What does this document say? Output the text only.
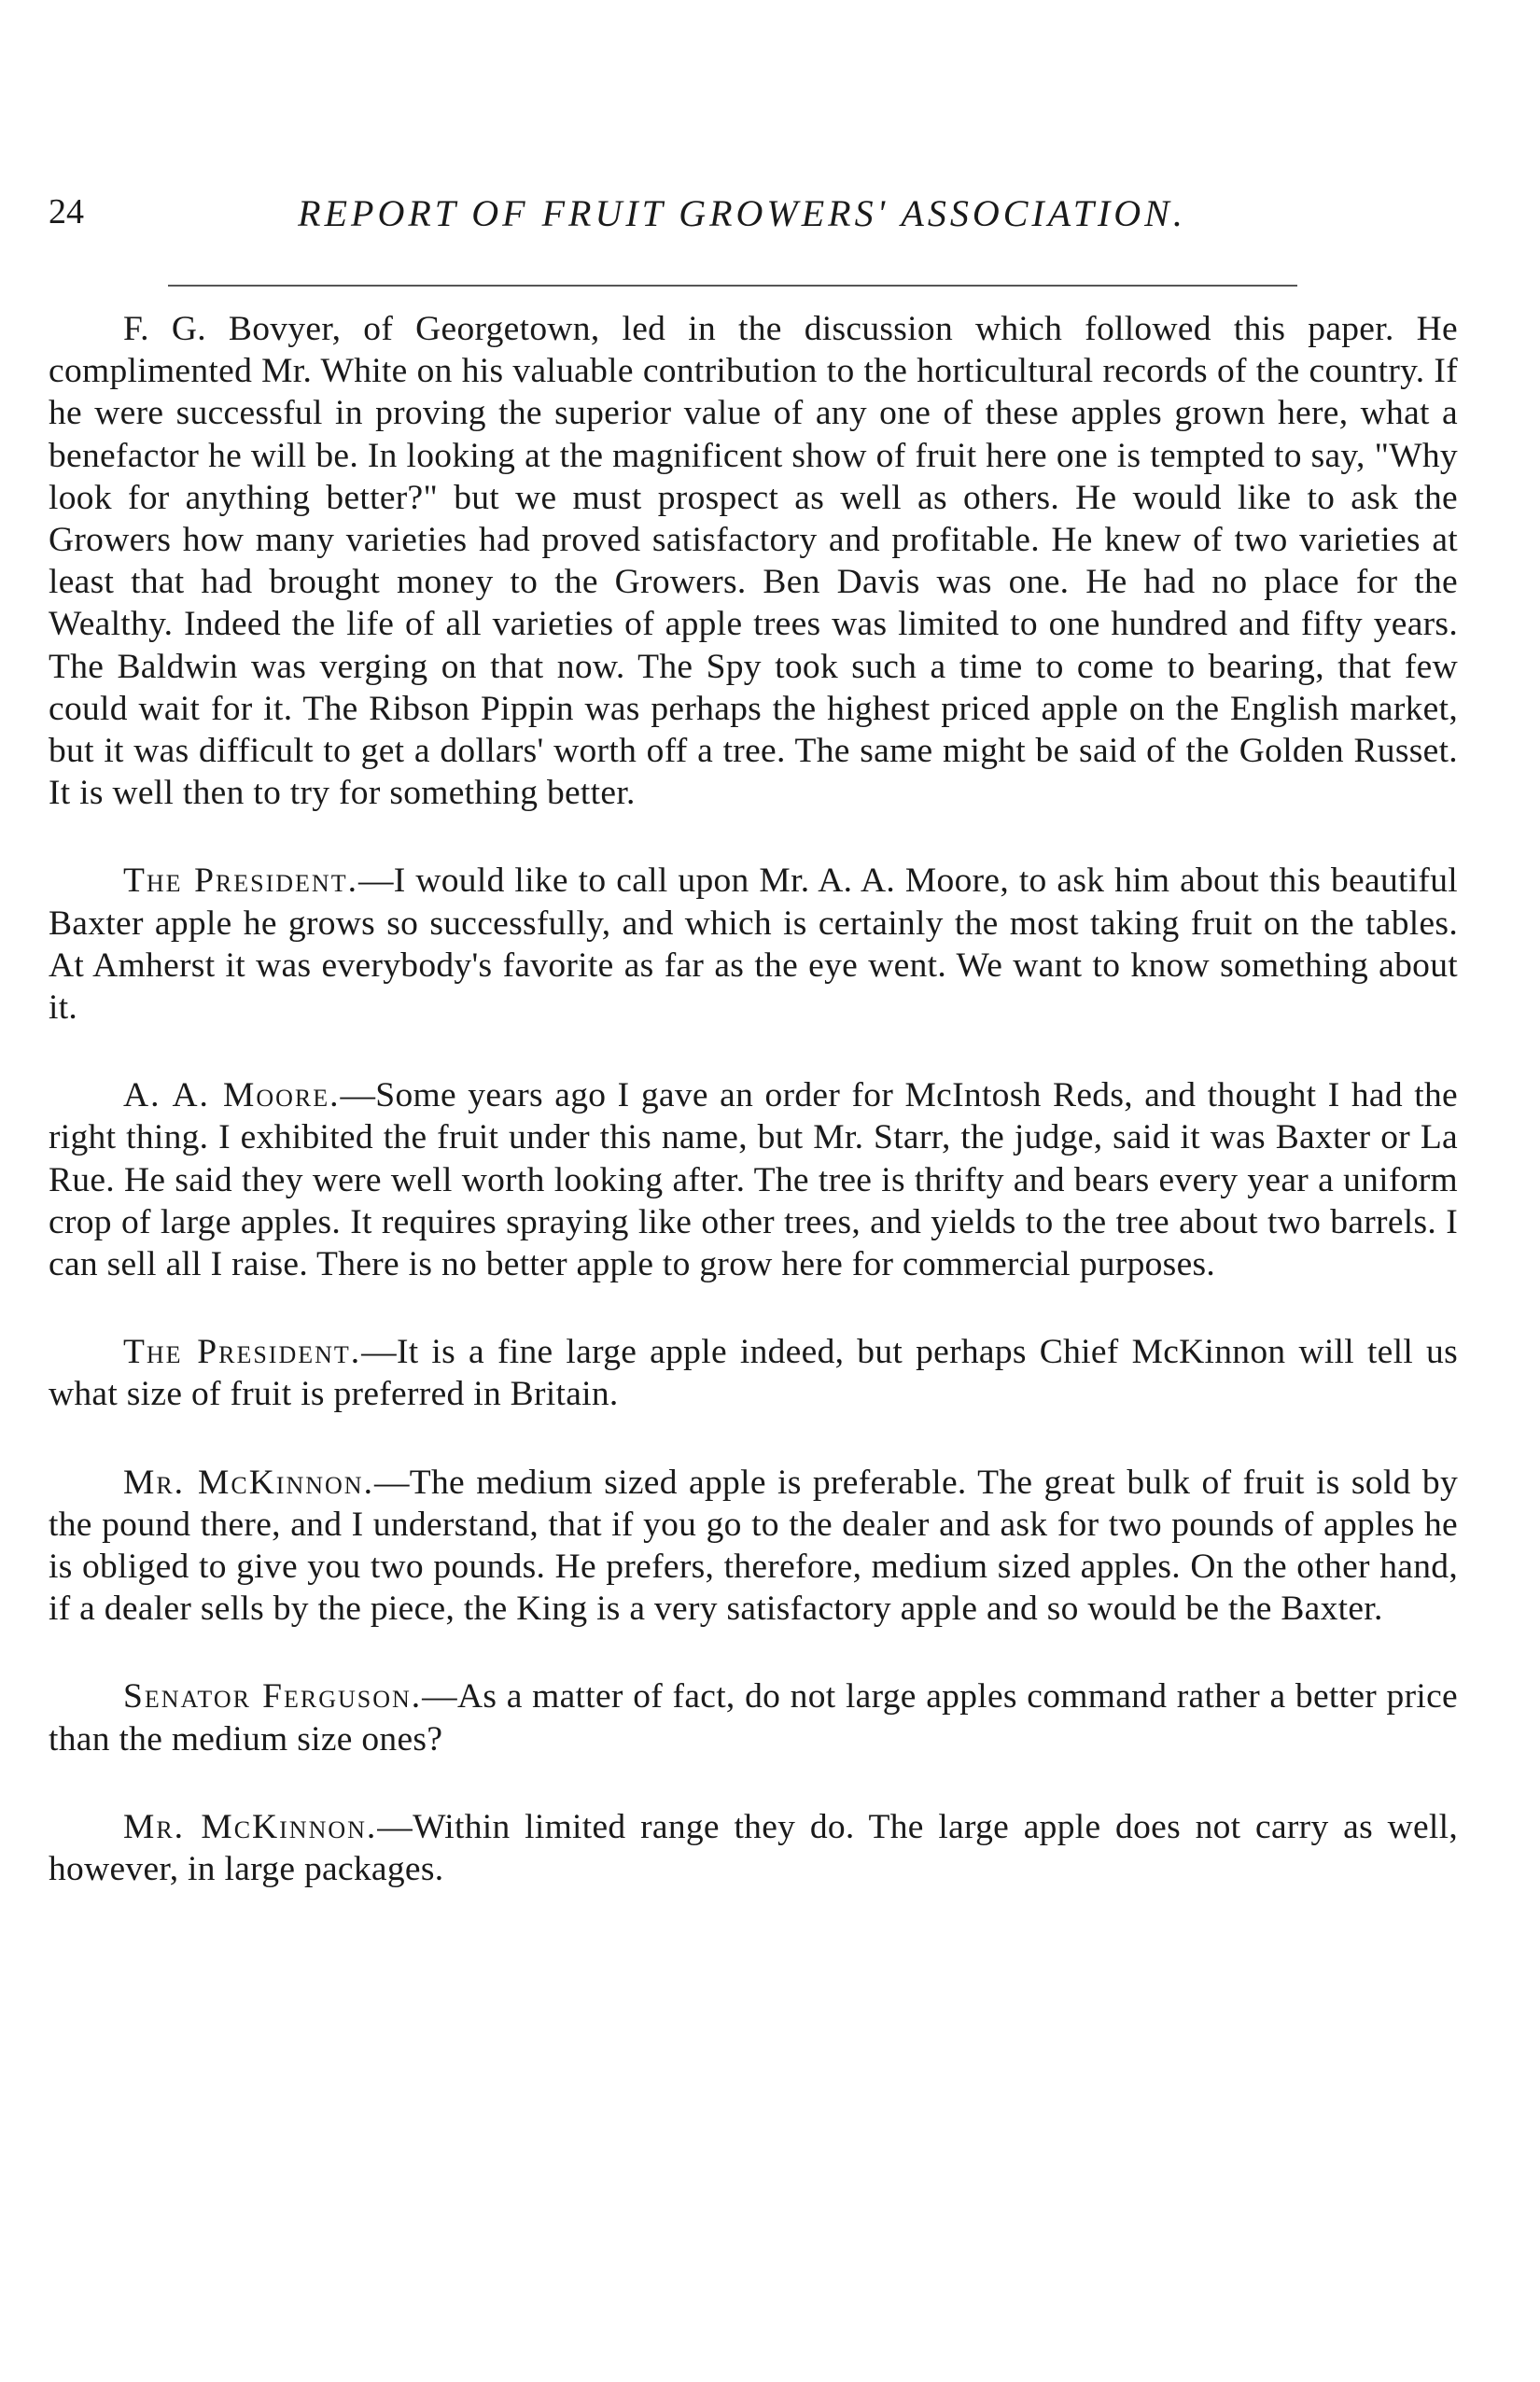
24	REPORT OF FRUIT GROWERS' ASSOCIATION.

F. G. Bovyer, of Georgetown, led in the discussion which followed this paper. He complimented Mr. White on his valuable contribution to the horticultural records of the country. If he were successful in proving the superior value of any one of these apples grown here, what a benefactor he will be. In looking at the magnificent show of fruit here one is tempted to say, "Why look for anything better?" but we must prospect as well as others. He would like to ask the Growers how many varieties had proved satisfactory and profitable. He knew of two varieties at least that had brought money to the Growers. Ben Davis was one. He had no place for the Wealthy. Indeed the life of all varieties of apple trees was limited to one hundred and fifty years. The Baldwin was verging on that now. The Spy took such a time to come to bearing, that few could wait for it. The Ribson Pippin was perhaps the highest priced apple on the English market, but it was difficult to get a dollars' worth off a tree. The same might be said of the Golden Russet. It is well then to try for something better.

The President.—I would like to call upon Mr. A. A. Moore, to ask him about this beautiful Baxter apple he grows so successfully, and which is certainly the most taking fruit on the tables. At Amherst it was everybody's favorite as far as the eye went. We want to know something about it.

A. A. Moore.—Some years ago I gave an order for McIntosh Reds, and thought I had the right thing. I exhibited the fruit under this name, but Mr. Starr, the judge, said it was Baxter or La Rue. He said they were well worth looking after. The tree is thrifty and bears every year a uniform crop of large apples. It requires spraying like other trees, and yields to the tree about two barrels. I can sell all I raise. There is no better apple to grow here for commercial purposes.

The President.—It is a fine large apple indeed, but perhaps Chief McKinnon will tell us what size of fruit is preferred in Britain.

Mr. McKinnon.—The medium sized apple is preferable. The great bulk of fruit is sold by the pound there, and I understand, that if you go to the dealer and ask for two pounds of apples he is obliged to give you two pounds. He prefers, therefore, medium sized apples. On the other hand, if a dealer sells by the piece, the King is a very satisfactory apple and so would be the Baxter.

Senator Ferguson.—As a matter of fact, do not large apples command rather a better price than the medium size ones?

Mr. McKinnon.—Within limited range they do. The large apple does not carry as well, however, in large packages.
